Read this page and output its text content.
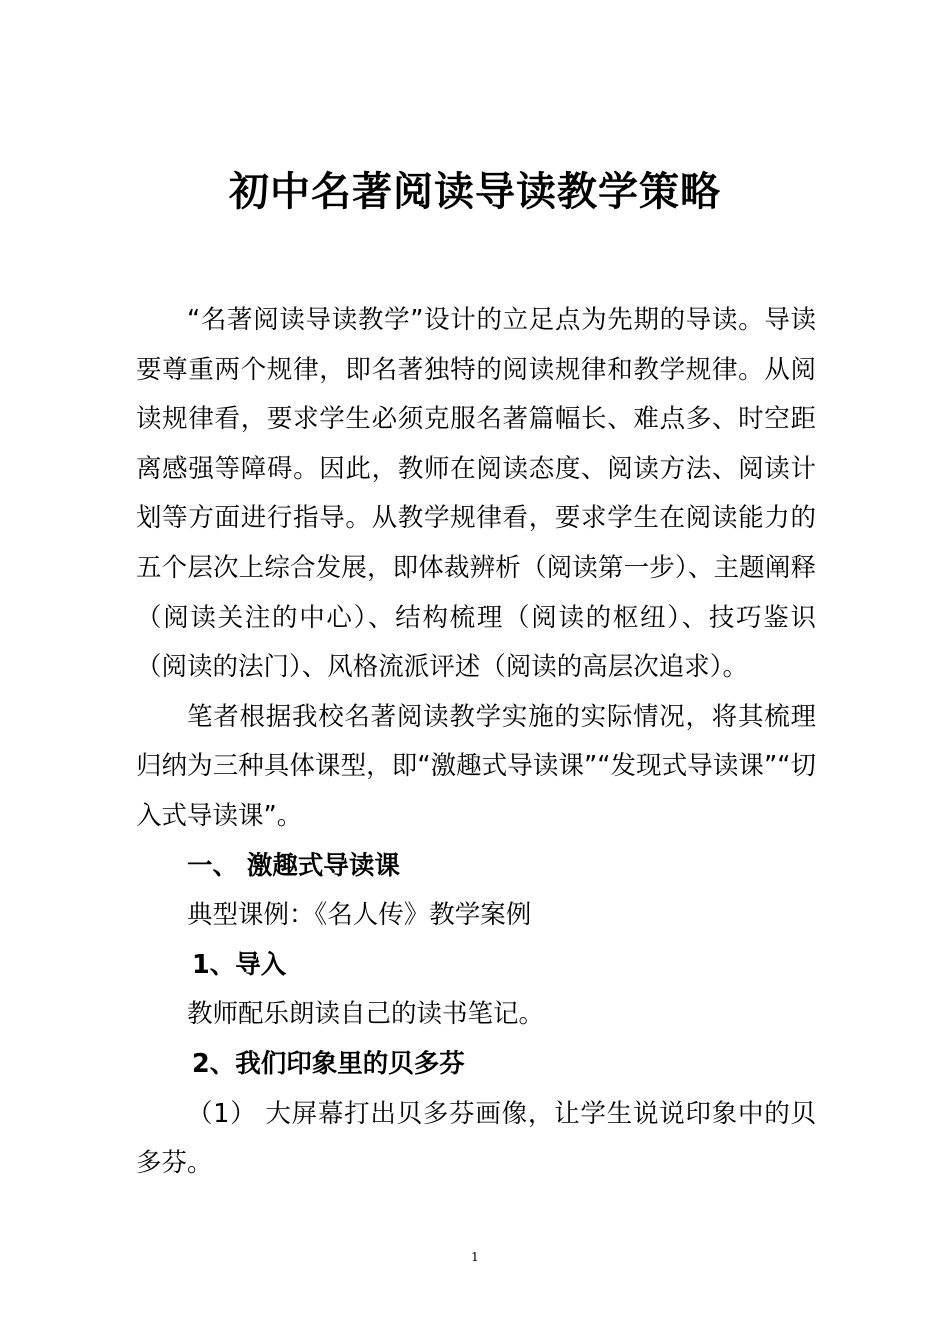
初中名著阅读导读教学策略

“名著阅读导读教学”设计的立足点为先期的导读。导读要尊重两个规律，即名著独特的阅读规律和教学规律。从阅读规律看，要求学生必须克服名著篇幅长、难点多、时空距离感强等障碍。因此，教师在阅读态度、阅读方法、阅读计划等方面进行指导。从教学规律看，要求学生在阅读能力的五个层次上综合发展，即体裁辨析（阅读第一步）、主题阐释（阅读关注的中心）、结构梳理（阅读的枢纽）、技巧鉴识（阅读的法门）、风格流派评述（阅读的高层次追求）。

笔者根据我校名著阅读教学实施的实际情况，将其梳理归纳为三种具体课型，即“激趣式导读课”“发现式导读课”“切入式导读课”。

一、 激趣式导读课
典型课例：《名人传》教学案例
1、导入
教师配乐朗读自己的读书笔记。
2、我们印象里的贝多芬

（1） 大屏幕打出贝多芬画像，让学生说说印象中的贝多芬。

1
